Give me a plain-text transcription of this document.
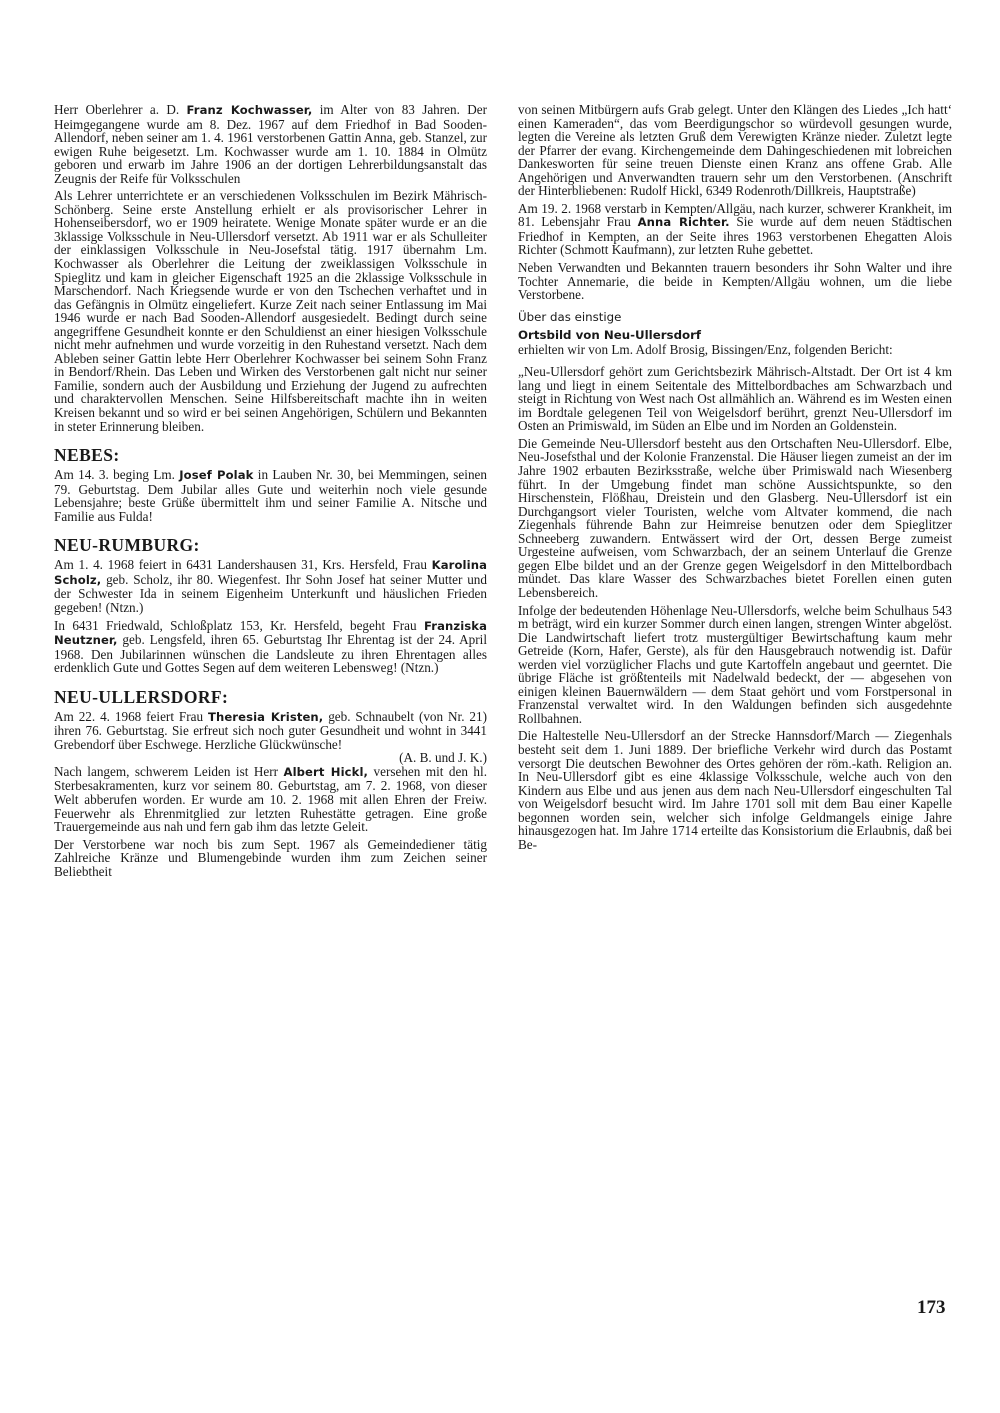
Herr Oberlehrer a. D. Franz Kochwasser, im Alter von 83 Jahren. Der Heimgegangene wurde am 8. Dez. 1967 auf dem Friedhof in Bad Sooden-Allendorf, neben seiner am 1. 4. 1961 verstorbenen Gattin Anna, geb. Stanzel, zur ewigen Ruhe beigesetzt. Lm. Kochwasser wurde am 1. 10. 1884 in Olmütz geboren und erwarb im Jahre 1906 an der dortigen Lehrerbildungsanstalt das Zeugnis der Reife für Volksschulen

Als Lehrer unterrichtete er an verschiedenen Volksschulen im Bezirk Mährisch-Schönberg. Seine erste Anstellung erhielt er als provisorischer Lehrer in Hohenseibersdorf, wo er 1909 heiratete. Wenige Monate später wurde er an die 3klassige Volksschule in Neu-Ullersdorf versetzt. Ab 1911 war er als Schulleiter der einklassigen Volksschule in Neu-Josefstal tätig. 1917 übernahm Lm. Kochwasser als Oberlehrer die Leitung der zweiklassigen Volksschule in Spieglitz und kam in gleicher Eigenschaft 1925 an die 2klassige Volksschule in Marschendorf. Nach Kriegsende wurde er von den Tschechen verhaftet und in das Gefängnis in Olmütz eingeliefert. Kurze Zeit nach seiner Entlassung im Mai 1946 wurde er nach Bad Sooden-Allendorf ausgesiedelt. Bedingt durch seine angegriffene Gesundheit konnte er den Schuldienst an einer hiesigen Volksschule nicht mehr aufnehmen und wurde vorzeitig in den Ruhestand versetzt. Nach dem Ableben seiner Gattin lebte Herr Oberlehrer Kochwasser bei seinem Sohn Franz in Bendorf/Rhein. Das Leben und Wirken des Verstorbenen galt nicht nur seiner Familie, sondern auch der Ausbildung und Erziehung der Jugend zu aufrechten und charaktervollen Menschen. Seine Hilfsbereitschaft machte ihn in weiten Kreisen bekannt und so wird er bei seinen Angehörigen, Schülern und Bekannten in steter Erinnerung bleiben.

NEBES:

Am 14. 3. beging Lm. Josef Polak in Lauben Nr. 30, bei Memmingen, seinen 79. Geburtstag. Dem Jubilar alles Gute und weiterhin noch viele gesunde Lebensjahre; beste Grüße übermittelt ihm und seiner Familie A. Nitsche und Familie aus Fulda!

NEU-RUMBURG:

Am 1. 4. 1968 feiert in 6431 Landershausen 31, Krs. Hersfeld, Frau Karolina Scholz, geb. Scholz, ihr 80. Wiegenfest. Ihr Sohn Josef hat seiner Mutter und der Schwester Ida in seinem Eigenheim Unterkunft und häuslichen Frieden gegeben! (Ntzn.)

In 6431 Friedwald, Schloßplatz 153, Kr. Hersfeld, begeht Frau Franziska Neutzner, geb. Lengsfeld, ihren 65. Geburtstag Ihr Ehrentag ist der 24. April 1968. Den Jubilarinnen wünschen die Landsleute zu ihren Ehrentagen alles erdenklich Gute und Gottes Segen auf dem weiteren Lebensweg! (Ntzn.)

NEU-ULLERSDORF:

Am 22. 4. 1968 feiert Frau Theresia Kristen, geb. Schnaubelt (von Nr. 21) ihren 76. Geburtstag. Sie erfreut sich noch guter Gesundheit und wohnt in 3441 Grebendorf über Eschwege. Herzliche Glückwünsche!

(A. B. und J. K.)

Nach langem, schwerem Leiden ist Herr Albert Hickl, versehen mit den hl. Sterbesakramenten, kurz vor seinem 80. Geburtstag, am 7. 2. 1968, von dieser Welt abberufen worden. Er wurde am 10. 2. 1968 mit allen Ehren der Freiw. Feuerwehr als Ehrenmitglied zur letzten Ruhestätte getragen. Eine große Trauergemeinde aus nah und fern gab ihm das letzte Geleit.

Der Verstorbene war noch bis zum Sept. 1967 als Gemeindediener tätig Zahlreiche Kränze und Blumengebinde wurden ihm zum Zeichen seiner Beliebtheit

von seinen Mitbürgern aufs Grab gelegt. Unter den Klängen des Liedes „Ich hatt‘ einen Kameraden“, das vom Beerdigungschor so würdevoll gesungen wurde, legten die Vereine als letzten Gruß dem Verewigten Kränze nieder. Zuletzt legte der Pfarrer der evang. Kirchengemeinde dem Dahingeschiedenen mit lobreichen Dankesworten für seine treuen Dienste einen Kranz ans offene Grab. Alle Angehörigen und Anverwandten trauern sehr um den Verstorbenen. (Anschrift der Hinterbliebenen: Rudolf Hickl, 6349 Rodenroth/Dillkreis, Hauptstraße)

Am 19. 2. 1968 verstarb in Kempten/Allgäu, nach kurzer, schwerer Krankheit, im 81. Lebensjahr Frau Anna Richter. Sie wurde auf dem neuen Städtischen Friedhof in Kempten, an der Seite ihres 1963 verstorbenen Ehegatten Alois Richter (Schmott Kaufmann), zur letzten Ruhe gebettet.

Neben Verwandten und Bekannten trauern besonders ihr Sohn Walter und ihre Tochter Annemarie, die beide in Kempten/Allgäu wohnen, um die liebe Verstorbene.

Über das einstige

Ortsbild von Neu-Ullersdorf

erhielten wir von Lm. Adolf Brosig, Bissingen/Enz, folgenden Bericht:

„Neu-Ullersdorf gehört zum Gerichtsbezirk Mährisch-Altstadt. Der Ort ist 4 km lang und liegt in einem Seitentale des Mittelbordbaches am Schwarzbach und steigt in Richtung von West nach Ost allmählich an. Während es im Westen einen im Bordtale gelegenen Teil von Weigelsdorf berührt, grenzt Neu-Ullersdorf im Osten an Primiswald, im Süden an Elbe und im Norden an Goldenstein.

Die Gemeinde Neu-Ullersdorf besteht aus den Ortschaften Neu-Ullersdorf. Elbe, Neu-Josefsthal und der Kolonie Franzenstal. Die Häuser liegen zumeist an der im Jahre 1902 erbauten Bezirksstraße, welche über Primiswald nach Wiesenberg führt. In der Umgebung findet man schöne Aussichtspunkte, so den Hirschenstein, Flößhau, Dreistein und den Glasberg. Neu-Ullersdorf ist ein Durchgangsort vieler Touristen, welche vom Altvater kommend, die nach Ziegenhals führende Bahn zur Heimreise benutzen oder dem Spieglitzer Schneeberg zuwandern. Entwässert wird der Ort, dessen Berge zumeist Urgesteine aufweisen, vom Schwarzbach, der an seinem Unterlauf die Grenze gegen Elbe bildet und an der Grenze gegen Weigelsdorf in den Mittelbordbach mündet. Das klare Wasser des Schwarzbaches bietet Forellen einen guten Lebensbereich.

Infolge der bedeutenden Höhenlage Neu-Ullersdorfs, welche beim Schulhaus 543 m beträgt, wird ein kurzer Sommer durch einen langen, strengen Winter abgelöst. Die Landwirtschaft liefert trotz mustergültiger Bewirtschaftung kaum mehr Getreide (Korn, Hafer, Gerste), als für den Hausgebrauch notwendig ist. Dafür werden viel vorzüglicher Flachs und gute Kartoffeln angebaut und geerntet. Die übrige Fläche ist größtenteils mit Nadelwald bedeckt, der — abgesehen von einigen kleinen Bauernwäldern — dem Staat gehört und vom Forstpersonal in Franzenstal verwaltet wird. In den Waldungen befinden sich ausgedehnte Rollbahnen.

Die Haltestelle Neu-Ullersdorf an der Strecke Hannsdorf/March — Ziegenhals besteht seit dem 1. Juni 1889. Der briefliche Verkehr wird durch das Postamt versorgt Die deutschen Bewohner des Ortes gehören der röm.-kath. Religion an. In Neu-Ullersdorf gibt es eine 4klassige Volksschule, welche auch von den Kindern aus Elbe und aus jenen aus dem nach Neu-Ullersdorf eingeschulten Tal von Weigelsdorf besucht wird. Im Jahre 1701 soll mit dem Bau einer Kapelle begonnen worden sein, welcher sich infolge Geldmangels einige Jahre hinausgezogen hat. Im Jahre 1714 erteilte das Konsistorium die Erlaubnis, daß bei Be-

173
